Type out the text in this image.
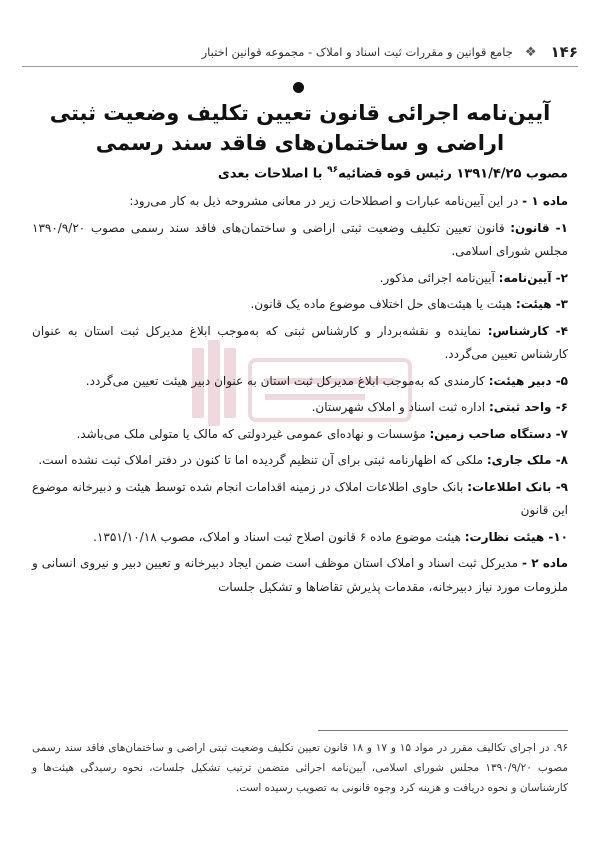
۱۴۶
❖
جامع قوانین و مقررات ثبت اسناد و املاک - مجموعه قوانین اختبار
آیین‌نامه اجرائی قانون تعیین تکلیف وضعیت ثبتی اراضی و ساختمان‌های فاقد سند رسمی
مصوب ۱۳۹۱/۴/۲۵ رئیس قوه قضائیه$^{۹۶}$ با اصلاحات بعدی

ماده ۱ - در این آیین‌نامه عبارات و اصطلاحات زیر در معانی مشروحه ذیل به کار می‌رود:

۱- قانون: قانون تعیین تکلیف وضعیت ثبتی اراضی و ساختمان‌های فاقد سند رسمی مصوب ۱۳۹۰/۹/۲۰ مجلس شورای اسلامی.

۲- آیین‌نامه: آیین‌نامه اجرائی مذکور.

۳- هیئت: هیئت یا هیئت‌های حل اختلاف موضوع ماده یک قانون.

۴- کارشناس: نماینده و نقشه‌بردار و کارشناس ثبتی که به‌موجب ابلاغ مدیرکل ثبت استان به عنوان کارشناس تعیین می‌گردد.

۵- دبیر هیئت: کارمندی که به‌موجب ابلاغ مدیرکل ثبت استان به عنوان دبیر هیئت تعیین می‌گردد.

۶- واحد ثبتی: اداره ثبت اسناد و املاک شهرستان.

۷- دستگاه صاحب زمین: مؤسسات و نهاده‌ای عمومی غیردولتی که مالک یا متولی ملک می‌باشد.

۸- ملک جاری: ملکی که اظهارنامه ثبتی برای آن تنظیم گردیده اما تا کنون در دفتر املاک ثبت نشده است.

۹- بانک اطلاعات: بانک حاوی اطلاعات املاک در زمینه اقدامات انجام شده توسط هیئت و دبیرخانه موضوع این قانون

۱۰- هیئت نظارت: هیئت موضوع ماده ۶ قانون اصلاح ثبت اسناد و املاک، مصوب ۱۳۵۱/۱۰/۱۸.

ماده ۲ - مدیرکل ثبت اسناد و املاک استان موظف است ضمن ایجاد دبیرخانه و تعیین دبیر و نیروی انسانی و ملزومات مورد نیاز دبیرخانه، مقدمات پذیرش تقاضاها و تشکیل جلسات

۹۶. در اجرای تکالیف مقرر در مواد ۱۵ و ۱۷ و ۱۸ قانون تعیین تکلیف وضعیت ثبتی اراضی و ساختمان‌های فاقد سند رسمی مصوب ۱۳۹۰/۹/۲۰ مجلس شورای اسلامی، آیین‌نامه اجرائی متضمن ترتیب تشکیل جلسات، نحوه رسیدگی هیئت‌ها و کارشناسان و نحوه دریافت و هزینه کرد وجوه قانونی به تصویب رسیده است.
